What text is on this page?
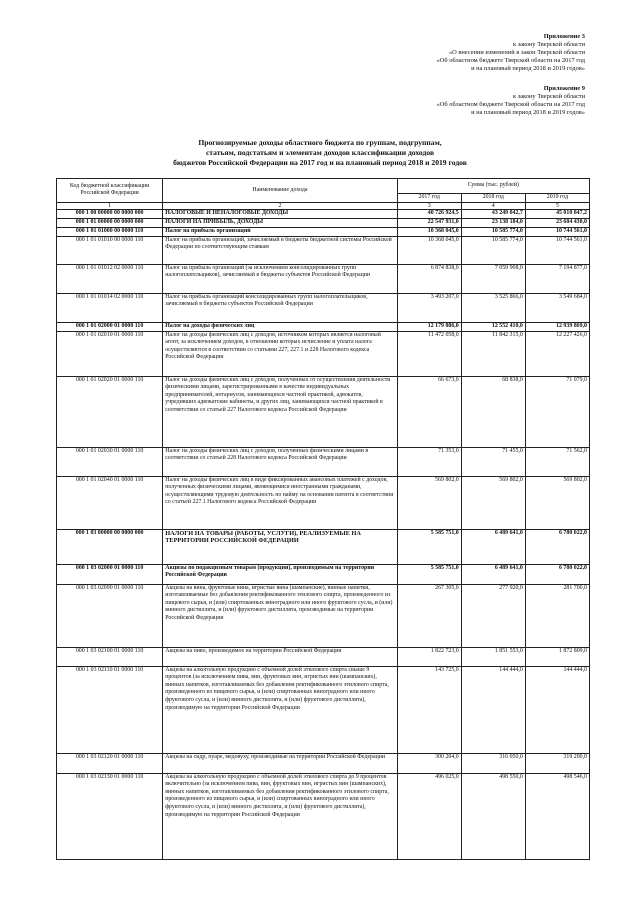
Приложение 3
к закону Тверской области
«О внесении изменений в закон Тверской области
«Об областном бюджете Тверской области на 2017 год
и на плановый период 2018 и 2019 годов»
Приложение 9
к закону Тверской области
«Об областном бюджете Тверской области на 2017 год
и на плановый период 2018 и 2019 годов»
Прогнозируемые доходы областного бюджета по группам, подгруппам,
статьям, подстатьям и элементам доходов классификации доходов
бюджетов Российской Федерации на 2017 год и на плановый период 2018 и 2019 годов
Код бюджетной классификации Российской Федерации	Наименование дохода	Сумма (тыс. рублей)		
		2017 год	2018 год	2019 год
1	2	3	4	5
000 1 00 00000 00 0000 000	НАЛОГОВЫЕ И НЕНАЛОГОВЫЕ ДОХОДЫ	40 726 924,5	43 249 042,7	45 010 847,2
000 1 01 00000 00 0000 000	НАЛОГИ НА ПРИБЫЛЬ, ДОХОДЫ	22 547 931,0	23 138 184,0	23 684 430,0
000 1 01 01000 00 0000 110	Налог на прибыль организаций	10 368 045,0	10 585 774,0	10 744 561,0
000 1 01 01010 00 0000 110	Налог на прибыль организаций, зачисляемый в бюджеты бюджетной системы Российской Федерации по соответствующим ставкам	10 368 045,0	10 585 774,0	10 744 561,0
000 1 01 01012 02 0000 110	Налог на прибыль организаций (за исключением консолидированных групп налогоплательщиков), зачисляемый в бюджеты субъектов Российской Федерации	6 874 838,0	7 059 908,0	7 194 877,0
000 1 01 01014 02 0000 110	Налог на прибыль организаций консолидированных групп налогоплательщиков, зачисляемый в бюджеты субъектов Российской Федерации	3 493 207,0	3 525 866,0	3 549 684,0
000 1 01 02000 01 0000 110	Налог на доходы физических лиц	12 179 886,0	12 552 410,0	12 939 869,0
000 1 01 02010 01 0000 110	Налог на доходы физических лиц с доходов, источником которых является налоговый агент, за исключением доходов, в отношении которых исчисление и уплата налога осуществляются в соответствии со статьями 227, 227.1 и 228 Налогового кодекса Российской Федерации	11 472 058,0	11 842 315,0	12 227 426,0
000 1 01 02020 01 0000 110	Налог на доходы физических лиц с доходов, полученных от осуществления деятельности физическими лицами, зарегистрированными в качестве индивидуальных предпринимателей, нотариусов, занимающихся частной практикой, адвокатов, учредивших адвокатские кабинеты, и других лиц, занимающихся частной практикой в соответствии со статьей 227 Налогового кодекса Российской Федерации	66 673,0	68 838,0	71 079,0
000 1 01 02030 01 0000 110	Налог на доходы физических лиц с доходов, полученных физическими лицами в соответствии со статьей 228 Налогового кодекса Российской Федерации	71 353,0	71 455,0	71 562,0
000 1 01 02040 01 0000 110	Налог на доходы физических лиц в виде фиксированных авансовых платежей с доходов, полученных физическими лицами, являющимися иностранными гражданами, осуществляющими трудовую деятельность по найму на основании патента в соответствии со статьей 227.1 Налогового кодекса Российской Федерации	569 802,0	569 802,0	569 802,0
000 1 03 00000 00 0000 000	НАЛОГИ НА ТОВАРЫ (РАБОТЫ, УСЛУГИ), РЕАЛИЗУЕМЫЕ НА ТЕРРИТОРИИ РОССИЙСКОЙ ФЕДЕРАЦИИ	5 585 751,0	6 489 641,0	6 780 022,0
000 1 03 02000 01 0000 110	Акцизы по подакцизным товарам (продукции), производимым на территории Российской Федерации	5 585 751,0	6 489 641,0	6 780 022,0
000 1 03 02090 01 0000 110	Акцизы на вина, фруктовые вина, игристые вина (шампанские), винные напитки, изготавливаемые без добавления ректификованного этилового спирта, произведенного из пищевого сырья, и (или) спиртованных виноградного или иного фруктового сусла, и (или) винного дистиллята, и (или) фруктового дистиллята, производимые на территории Российской Федерации	267 305,0	277 920,0	281 700,0
000 1 03 02100 01 0000 110	Акцизы на пиво, производимое на территории Российской Федерации	1 822 723,0	1 851 553,0	1 872 809,0
000 1 03 02110 01 0000 110	Акцизы на алкогольную продукцию с объемной долей этилового спирта свыше 9 процентов (за исключением пива, вин, фруктовых вин, игристых вин (шампанских), винных напитков, изготавливаемых без добавления ректификованного этилового спирта, произведенного из пищевого сырья, и (или) спиртованных виноградного или иного фруктового сусла, и (или) винного дистиллята, и (или) фруктового дистиллята), производимую на территории Российской Федерации	143 725,0	144 444,0	144 444,0
000 1 03 02120 01 0000 110	Акцизы на сидр, пуаре, медовуху, производимые на территории Российской Федерации	300 204,0	316 050,0	319 200,0
000 1 03 02130 01 0000 110	Акцизы на алкогольную продукцию с объемной долей этилового спирта до 9 процентов включительно (за исключением пива, вин, фруктовых вин, игристых вин (шампанских), винных напитков, изготавливаемых без добавления ректификованного этилового спирта, произведенного из пищевого сырья, и (или) спиртованных виноградного или иного фруктового сусла, и (или) винного дистиллята, и (или) фруктового дистиллята), производимую на территории Российской Федерации	496 025,0	498 550,0	498 546,0
